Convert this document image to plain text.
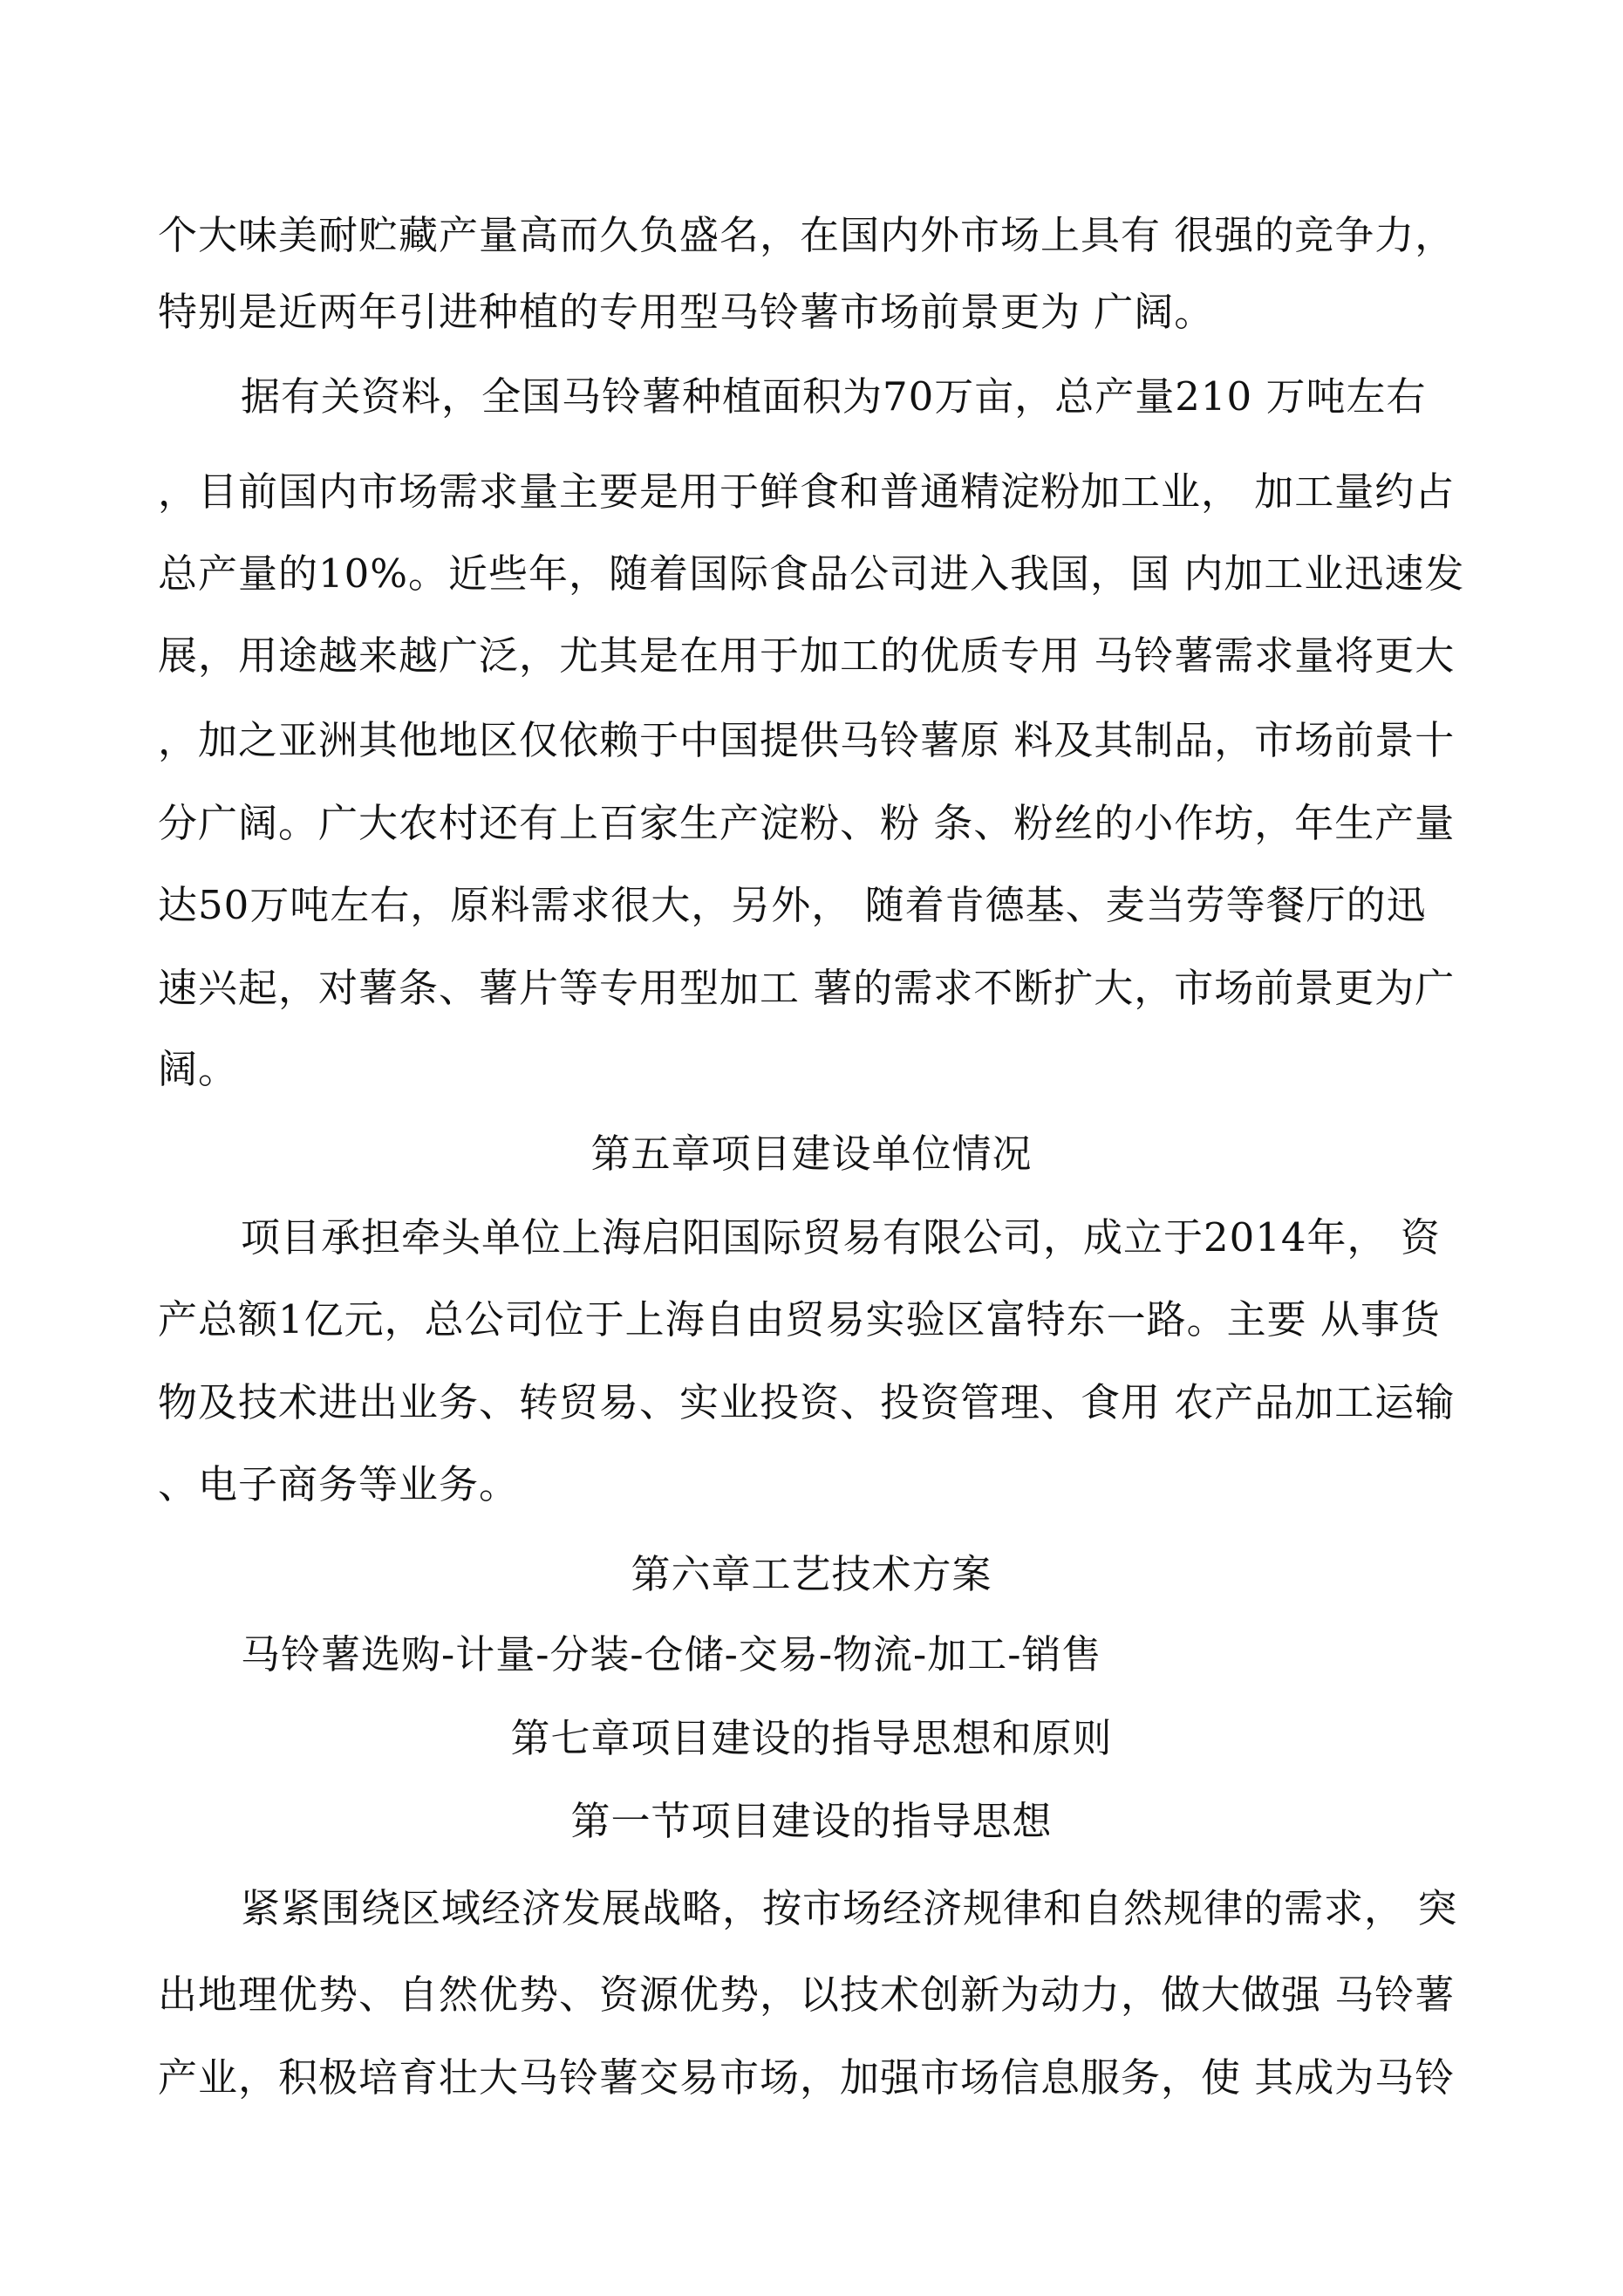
个大味美耐贮藏产量高而久负盛名，在国内外市场上具有 很强的竞争力，

特别是近两年引进种植的专用型马铃薯市场前景更为 广阔。

据有关资料，全国马铃薯种植面积为70万亩，总产量210 万吨左右

，目前国内市场需求量主要是用于鲜食和普通精淀粉加工业， 加工量约占

总产量的10%。近些年，随着国际食品公司进入我国，国 内加工业迅速发

展，用途越来越广泛，尤其是在用于加工的优质专用 马铃薯需求量将更大

，加之亚洲其他地区仅依赖于中国提供马铃薯原 料及其制品，市场前景十

分广阔。广大农村还有上百家生产淀粉、粉 条、粉丝的小作坊，年生产量

达50万吨左右，原料需求很大，另外， 随着肯德基、麦当劳等餐厅的迅

速兴起，对薯条、薯片等专用型加工 薯的需求不断扩大，市场前景更为广

阔。

第五章项目建设单位情况

项目承担牵头单位上海启阳国际贸易有限公司，成立于2014年， 资

产总额1亿元，总公司位于上海自由贸易实验区富特东一路。主要 从事货

物及技术进出业务、转贸易、实业投资、投资管理、食用 农产品加工运输

、电子商务等业务。

第六章工艺技术方案

马铃薯选购-计量-分装-仓储-交易-物流-加工-销售

第七章项目建设的指导思想和原则

第一节项目建设的指导思想

紧紧围绕区域经济发展战略，按市场经济规律和自然规律的需求， 突

出地理优势、自然优势、资源优势，以技术创新为动力，做大做强 马铃薯

产业，积极培育壮大马铃薯交易市场，加强市场信息服务，使 其成为马铃
